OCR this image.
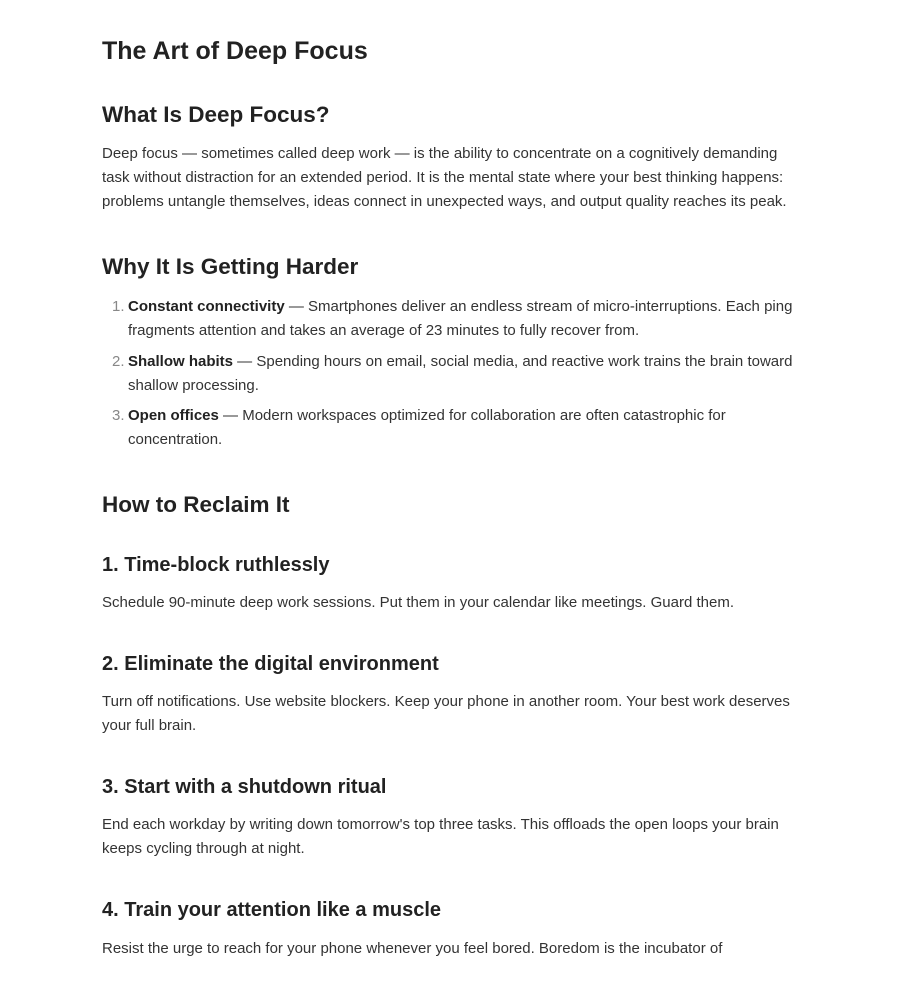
The Art of Deep Focus
What Is Deep Focus?

Deep focus — sometimes called deep work — is the ability to concentrate on a cognitively demanding task without distraction for an extended period. It is the mental state where your best thinking happens: problems untangle themselves, ideas connect in unexpected ways, and output quality reaches its peak.

Why It Is Getting Harder
1. Constant connectivity — Smartphones deliver an endless stream of micro-interruptions. Each ping fragments attention and takes an average of 23 minutes to fully recover from.
2. Shallow habits — Spending hours on email, social media, and reactive work trains the brain toward shallow processing.
3. Open offices — Modern workspaces optimized for collaboration are often catastrophic for concentration.
How to Reclaim It
1. Time-block ruthlessly

Schedule 90-minute deep work sessions. Put them in your calendar like meetings. Guard them.

2. Eliminate the digital environment

Turn off notifications. Use website blockers. Keep your phone in another room. Your best work deserves your full brain.

3. Start with a shutdown ritual

End each workday by writing down tomorrow's top three tasks. This offloads the open loops your brain keeps cycling through at night.

4. Train your attention like a muscle

Resist the urge to reach for your phone whenever you feel bored. Boredom is the incubator of
